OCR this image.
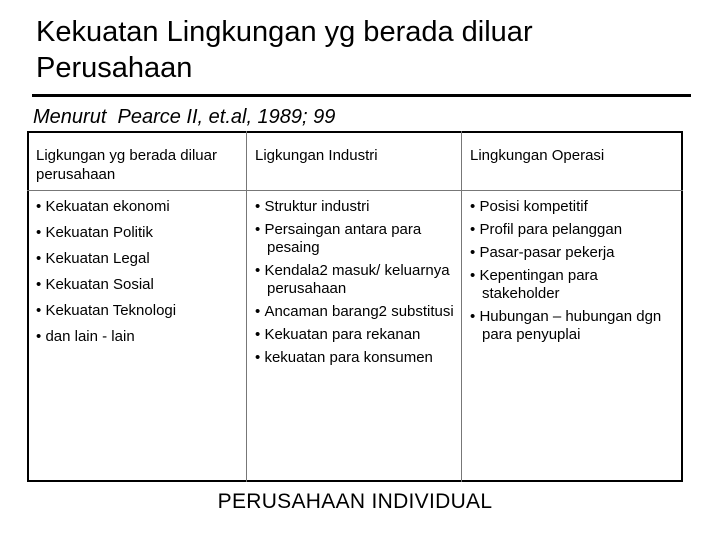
Kekuatan Lingkungan yg berada diluar
Perusahaan
Menurut  Pearce II, et.al, 1989; 99
Ligkungan yg berada diluar perusahaan
Ligkungan Industri	Lingkungan Operasi
• Kekuatan ekonomi
• Kekuatan Politik
• Kekuatan Legal
• Kekuatan Sosial
• Kekuatan Teknologi
• dan lain - lain
• Struktur industri
• Persaingan antara para pesaing
• Kendala2 masuk/ keluarnya perusahaan
• Ancaman barang2 substitusi
• Kekuatan para rekanan
• kekuatan para konsumen
• Posisi kompetitif
• Profil para pelanggan
• Pasar-pasar pekerja
• Kepentingan para stakeholder
• Hubungan – hubungan dgn para penyuplai
PERUSAHAAN INDIVIDUAL
